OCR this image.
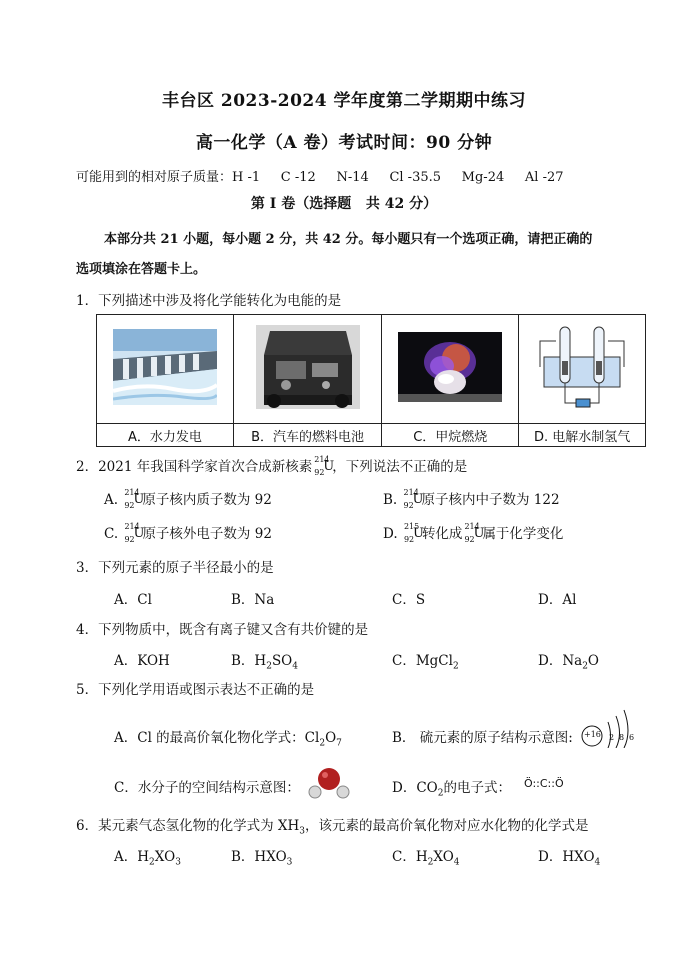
丰台区 2023-2024 学年度第二学期期中练习
高一化学（A 卷）考试时间：90 分钟
可能用到的相对原子质量：H -1     C -12     N-14     Cl -35.5     Mg-24     Al -27
第 I 卷（选择题   共 42 分）
本部分共 21 小题，每小题 2 分，共 42 分。每小题只有一个选项正确，请把正确的
选项填涂在答题卡上。
1．下列描述中涉及将化学能转化为电能的是

A．水力发电	B．汽车的燃料电池	C．甲烷燃烧	D. 电解水制氢气
2．2021 年我国科学家首次合成新核素 214
92
U
，下列说法不正确的是
A. 214
92
U
原子核内质子数为 92	B. 214
92
U
原子核内中子数为 122
C. 214
92
U
原子核外电子数为 92	D. 215
92
U
转化成 214
92
U
属于化学变化
3．下列元素的原子半径最小的是
A．Cl	B．Na	C．S	D．Al
4．下列物质中，既含有离子键又含有共价键的是
A．KOH	B．$H_2SO_4$	C．MgCl$_2$	D．$Na_2O$
5．下列化学用语或图示表达不正确的是
A．Cl 的最高价氧化物化学式：$Cl_2O_7$	B． 硫元素的原子结构示意图: +16 2 8 6
C．水分子的空间结构示意图：	D．$CO_2$的电子式： Ö::C::Ö
6．某元素气态氢化物的化学式为 $XH_3$，该元素的最高价氧化物对应水化物的化学式是
A．$H_2XO_3$	B．$HXO_3$	C．$H_2XO_4$	D．$HXO_4$
